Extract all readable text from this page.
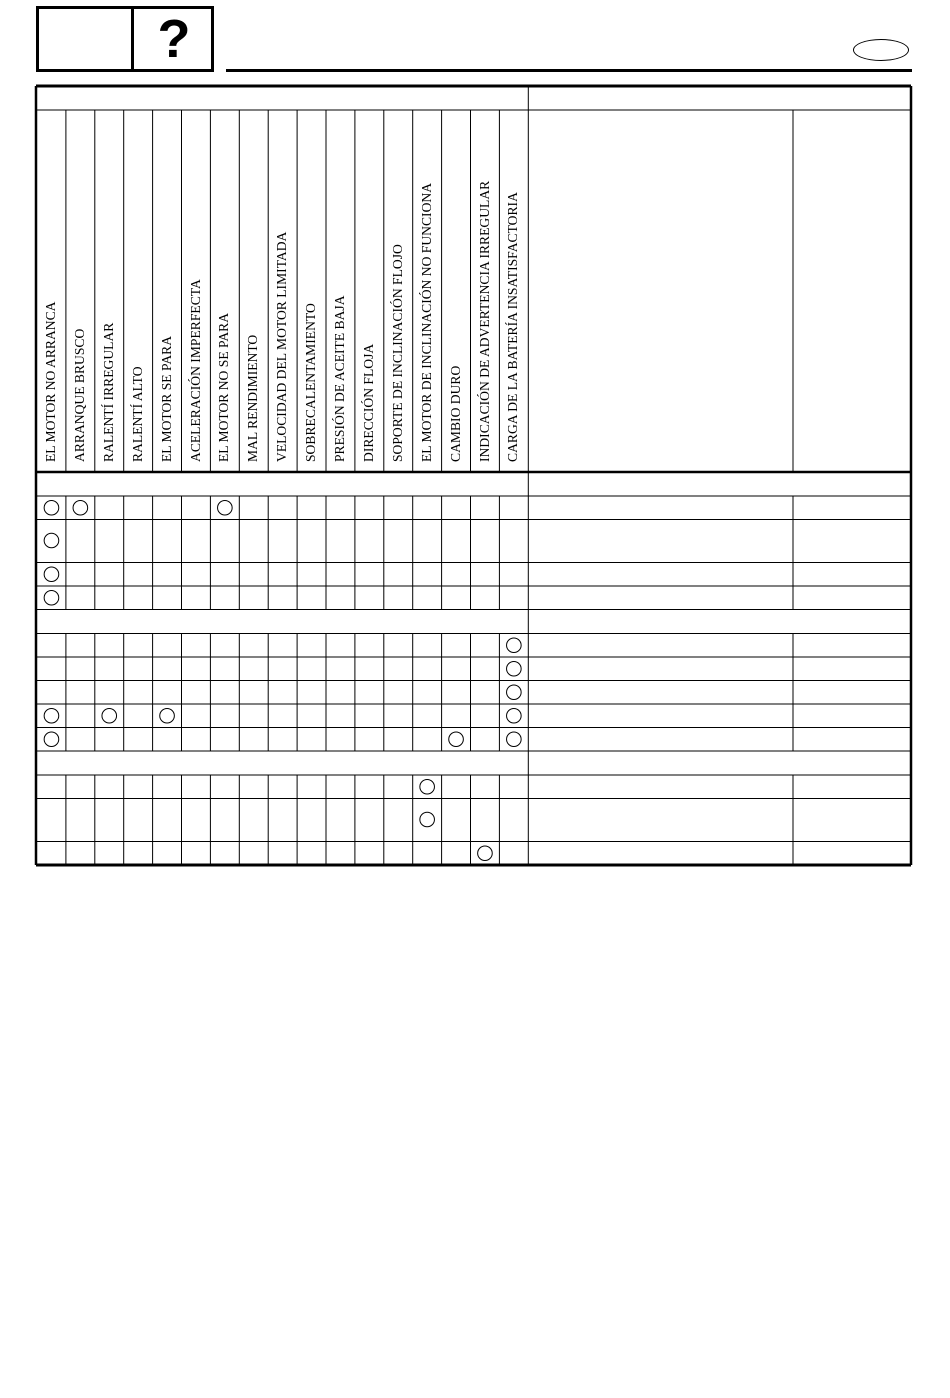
?
EL MOTOR NO ARRANCA ARRANQUE BRUSCO RALENTÍ IRREGULAR RALENTÍ ALTO EL MOTOR SE PARA ACELERACIÓN IMPERFECTA EL MOTOR NO SE PARA MAL RENDIMIENTO VELOCIDAD DEL MOTOR LIMITADA SOBRECALENTAMIENTO PRESIÓN DE ACEITE BAJA DIRECCIÓN FLOJA SOPORTE DE INCLINACIÓN FLOJO EL MOTOR DE INCLINACIÓN NO FUNCIONA CAMBIO DURO INDICACIÓN DE ADVERTENCIA IRREGULAR CARGA DE LA BATERÍA INSATISFACTORIA
